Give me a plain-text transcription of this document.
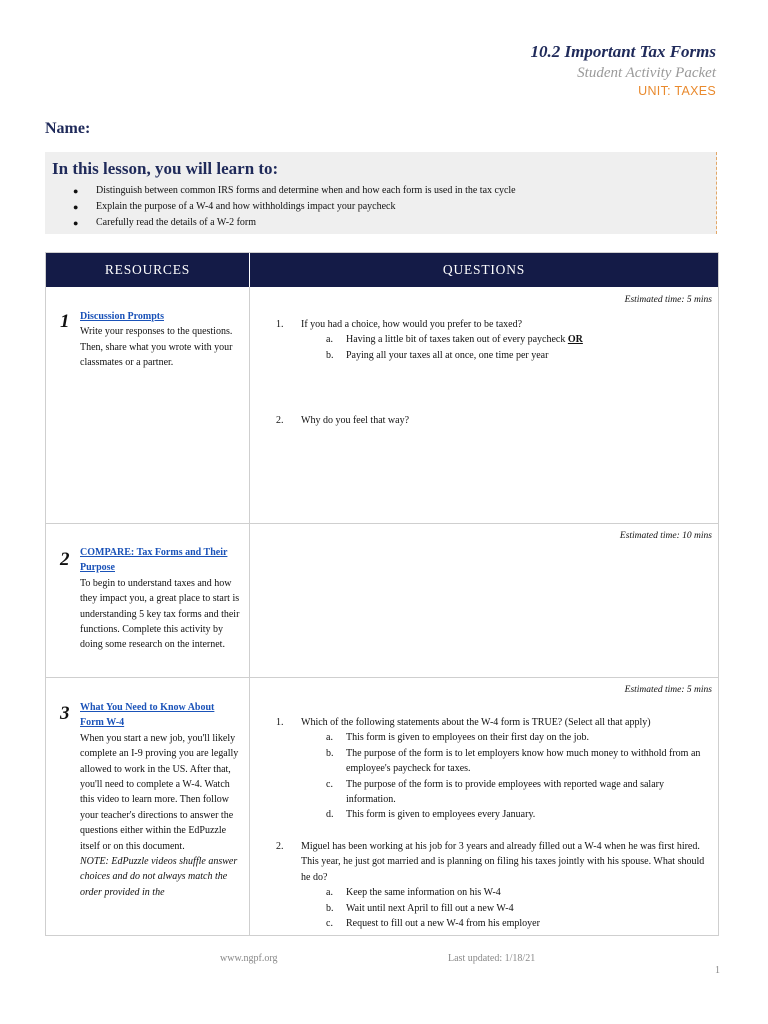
10.2 Important Tax Forms
Student Activity Packet
UNIT: TAXES
Name:
In this lesson, you will learn to:
● Distinguish between common IRS forms and determine when and how each form is used in the tax cycle
● Explain the purpose of a W-4 and how withholdings impact your paycheck
● Carefully read the details of a W-2 form
RESOURCES	QUESTIONS
1 Discussion Prompts
Write your responses to the questions. Then, share what you wrote with your classmates or a partner.
Estimated time: 5 mins
1. If you had a choice, how would you prefer to be taxed?
a. Having a little bit of taxes taken out of every paycheck OR
b. Paying all your taxes all at once, one time per year
2. Why do you feel that way?
2 COMPARE: Tax Forms and Their Purpose
To begin to understand taxes and how they impact you, a great place to start is understanding 5 key tax forms and their functions. Complete this activity by doing some research on the internet.
Estimated time: 10 mins
3 What You Need to Know About Form W-4
When you start a new job, you'll likely complete an I-9 proving you are legally allowed to work in the US. After that, you'll need to complete a W-4. Watch this video to learn more. Then follow your teacher's directions to answer the questions either within the EdPuzzle itself or on this document.
NOTE: EdPuzzle videos shuffle answer choices and do not always match the order provided in the
Estimated time: 5 mins
1. Which of the following statements about the W-4 form is TRUE? (Select all that apply)
a. This form is given to employees on their first day on the job.
b. The purpose of the form is to let employers know how much money to withhold from an employee's paycheck for taxes.
c. The purpose of the form is to provide employees with reported wage and salary information.
d. This form is given to employees every January.
2. Miguel has been working at his job for 3 years and already filled out a W-4 when he was first hired. This year, he just got married and is planning on filing his taxes jointly with his spouse. What should he do?
a. Keep the same information on his W-4
b. Wait until next April to fill out a new W-4
c. Request to fill out a new W-4 from his employer
www.ngpf.org	Last updated: 1/18/21
1
